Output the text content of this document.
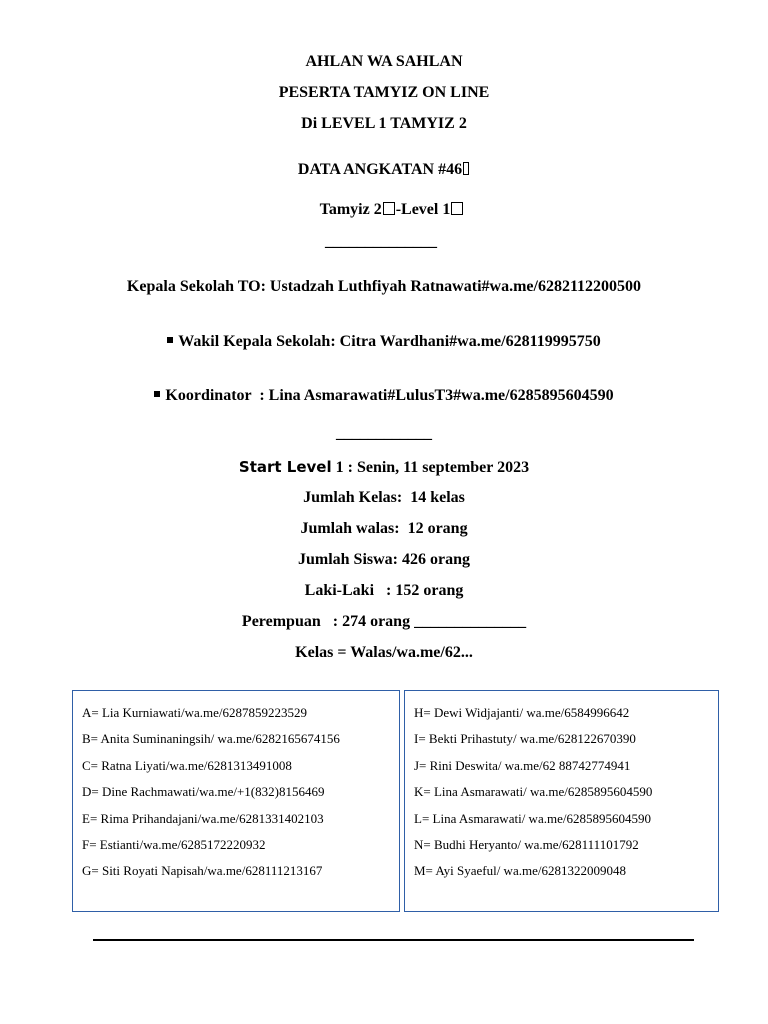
AHLAN WA SAHLAN
PESERTA TAMYIZ ON LINE
Di LEVEL 1 TAMYIZ 2
DATA ANGKATAN #46
Tamyiz 2 -Level 1
______________
Kepala Sekolah TO: Ustadzah Luthfiyah Ratnawati#wa.me/6282112200500
Wakil Kepala Sekolah: Citra Wardhani#wa.me/628119995750
Koordinator  : Lina Asmarawati#LulusT3#wa.me/6285895604590
____________
Start Level 1 : Senin, 11 september 2023
Jumlah Kelas:  14 kelas
Jumlah walas:  12 orang
Jumlah Siswa: 426 orang
Laki-Laki   : 152 orang
Perempuan   : 274 orang ______________
Kelas = Walas/wa.me/62...
A= Lia Kurniawati/wa.me/6287859223529
B= Anita Suminaningsih/ wa.me/6282165674156
C= Ratna Liyati/wa.me/6281313491008
D= Dine Rachmawati/wa.me/+1(832)8156469
E= Rima Prihandajani/wa.me/6281331402103
F= Estianti/wa.me/6285172220932
G= Siti Royati Napisah/wa.me/628111213167
H= Dewi Widjajanti/ wa.me/6584996642
I= Bekti Prihastuty/ wa.me/628122670390
J= Rini Deswita/ wa.me/62 88742774941
K= Lina Asmarawati/ wa.me/6285895604590
L= Lina Asmarawati/ wa.me/6285895604590
N= Budhi Heryanto/ wa.me/628111101792
M= Ayi Syaeful/ wa.me/6281322009048
